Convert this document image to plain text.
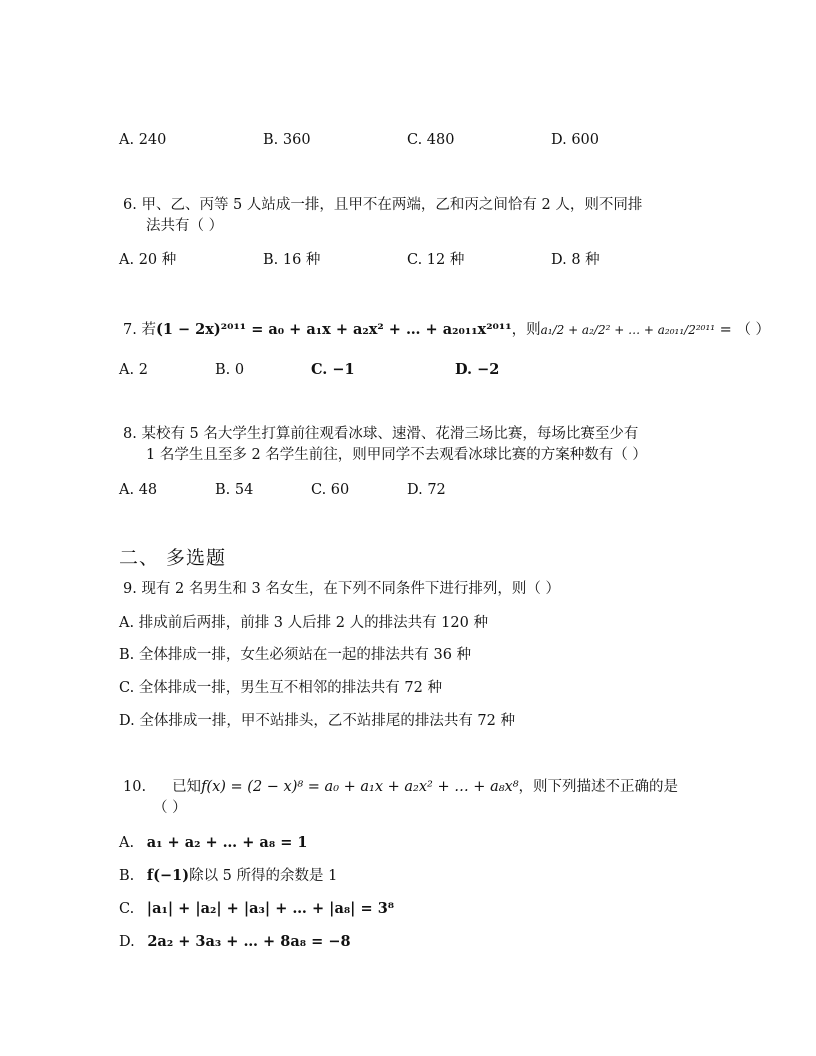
A. 240	B. 360	C. 480	D. 600
6. 甲、乙、丙等 5 人站成一排，且甲不在两端，乙和丙之间恰有 2 人，则不同排
法共有（ ）
A. 20 种	B. 16 种	C. 12 种	D. 8 种
7. 若(1 − 2x)²⁰¹¹ = a₀ + a₁x + a₂x² + … + a₂₀₁₁x²⁰¹¹，则a₁/2 + a₂/2² + … + a₂₀₁₁/2²⁰¹¹ = （ ）
A. 2	B. 0	C. −1	D. −2
8. 某校有 5 名大学生打算前往观看冰球、速滑、花滑三场比赛，每场比赛至少有
1 名学生且至多 2 名学生前往，则甲同学不去观看冰球比赛的方案种数有（ ）
A. 48	B. 54	C. 60	D. 72
二、 多选题
9. 现有 2 名男生和 3 名女生，在下列不同条件下进行排列，则（ ）
A. 排成前后两排，前排 3 人后排 2 人的排法共有 120 种
B. 全体排成一排，女生必须站在一起的排法共有 36 种
C. 全体排成一排，男生互不相邻的排法共有 72 种
D. 全体排成一排，甲不站排头，乙不站排尾的排法共有 72 种
10. 已知f(x) = (2 − x)⁸ = a₀ + a₁x + a₂x² + … + a₈x⁸，则下列描述不正确的是
（ ）
A. a₁ + a₂ + … + a₈ = 1
B. f(−1)除以 5 所得的余数是 1
C. |a₁| + |a₂| + |a₃| + … + |a₈| = 3⁸
D. 2a₂ + 3a₃ + … + 8a₈ = −8
